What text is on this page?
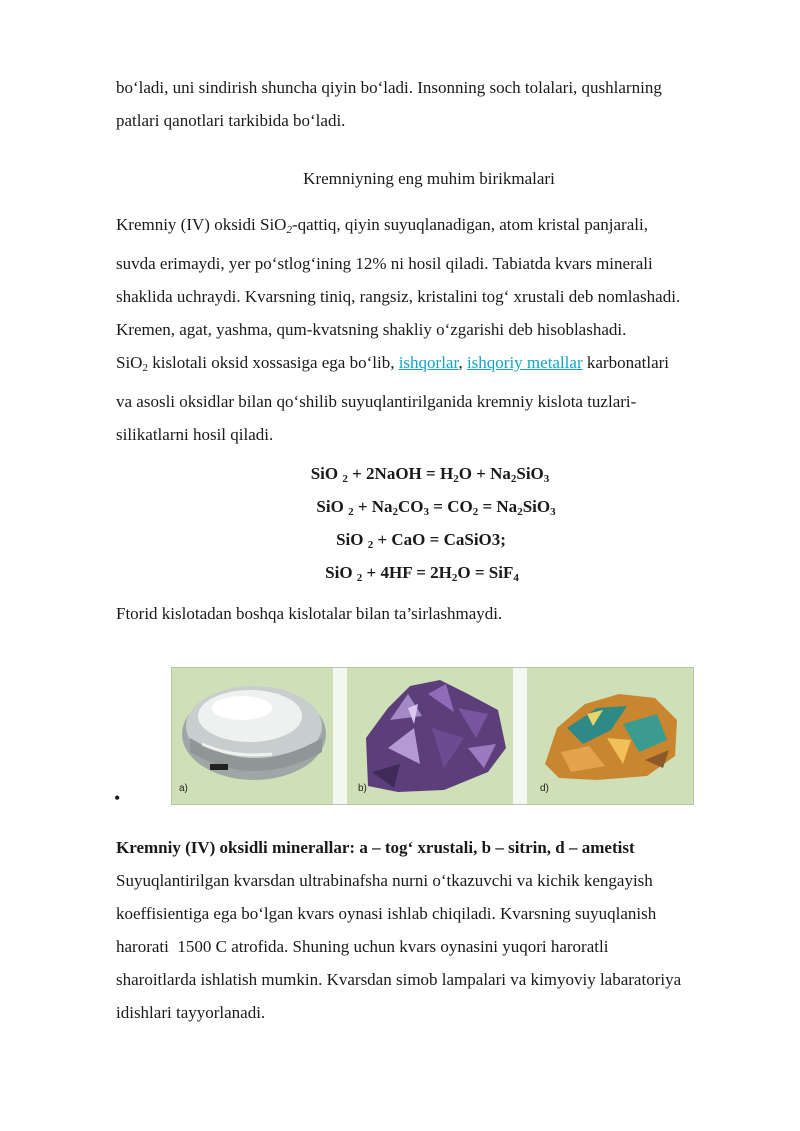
bo‘ladi, uni sindirish shuncha qiyin bo‘ladi. Insonning soch tolalari, qushlarning
patlari qanotlari tarkibida bo‘ladi.

Kremniyning eng muhim birikmalari

Kremniy (IV) oksidi SiO2-qattiq, qiyin suyuqlanadigan, atom kristal panjarali,
suvda erimaydi, yer po‘stlog‘ining 12% ni hosil qiladi. Tabiatda kvars minerali
shaklida uchraydi. Kvarsning tiniq, rangsiz, kristalini tog‘ xrustali deb nomlashadi.
Kremen, agat, yashma, qum-kvatsning shakliy o‘zgarishi deb hisoblashadi.
SiO$_2$ kislotali oksid xossasiga ega bo‘lib, ishqorlar, ishqoriy metallar karbonatlari
va asosli oksidlar bilan qo‘shilib suyuqlantirilganida kremniy kislota tuzlari-
silikatlarni hosil qiladi.

SiO $_2$ + 2NaOH = $H_2O + Na_2SiO_3$

SiO $_2 + Na_2CO_3 = CO_2 = Na_2SiO_3$

SiO $_2$ + CaO = CaSiO3;

SiO $_2 + 4HF = 2H_2O = SiF_4$

Ftorid kislotadan boshqa kislotalar bilan ta’sirlashmaydi.

a)	b)	d)
•

Kremniy (IV) oksidli minerallar: a – tog‘ xrustali, b – sitrin, d – ametist

Suyuqlantirilgan kvarsdan ultrabinafsha nurni o‘tkazuvchi va kichik kengayish
koeffisientiga ega bo‘lgan kvars oynasi ishlab chiqiladi. Kvarsning suyuqlanish
harorati  1500 C atrofida. Shuning uchun kvars oynasini yuqori haroratli
sharoitlarda ishlatish mumkin. Kvarsdan simob lampalari va kimyoviy labaratoriya
idishlari tayyorlanadi.
